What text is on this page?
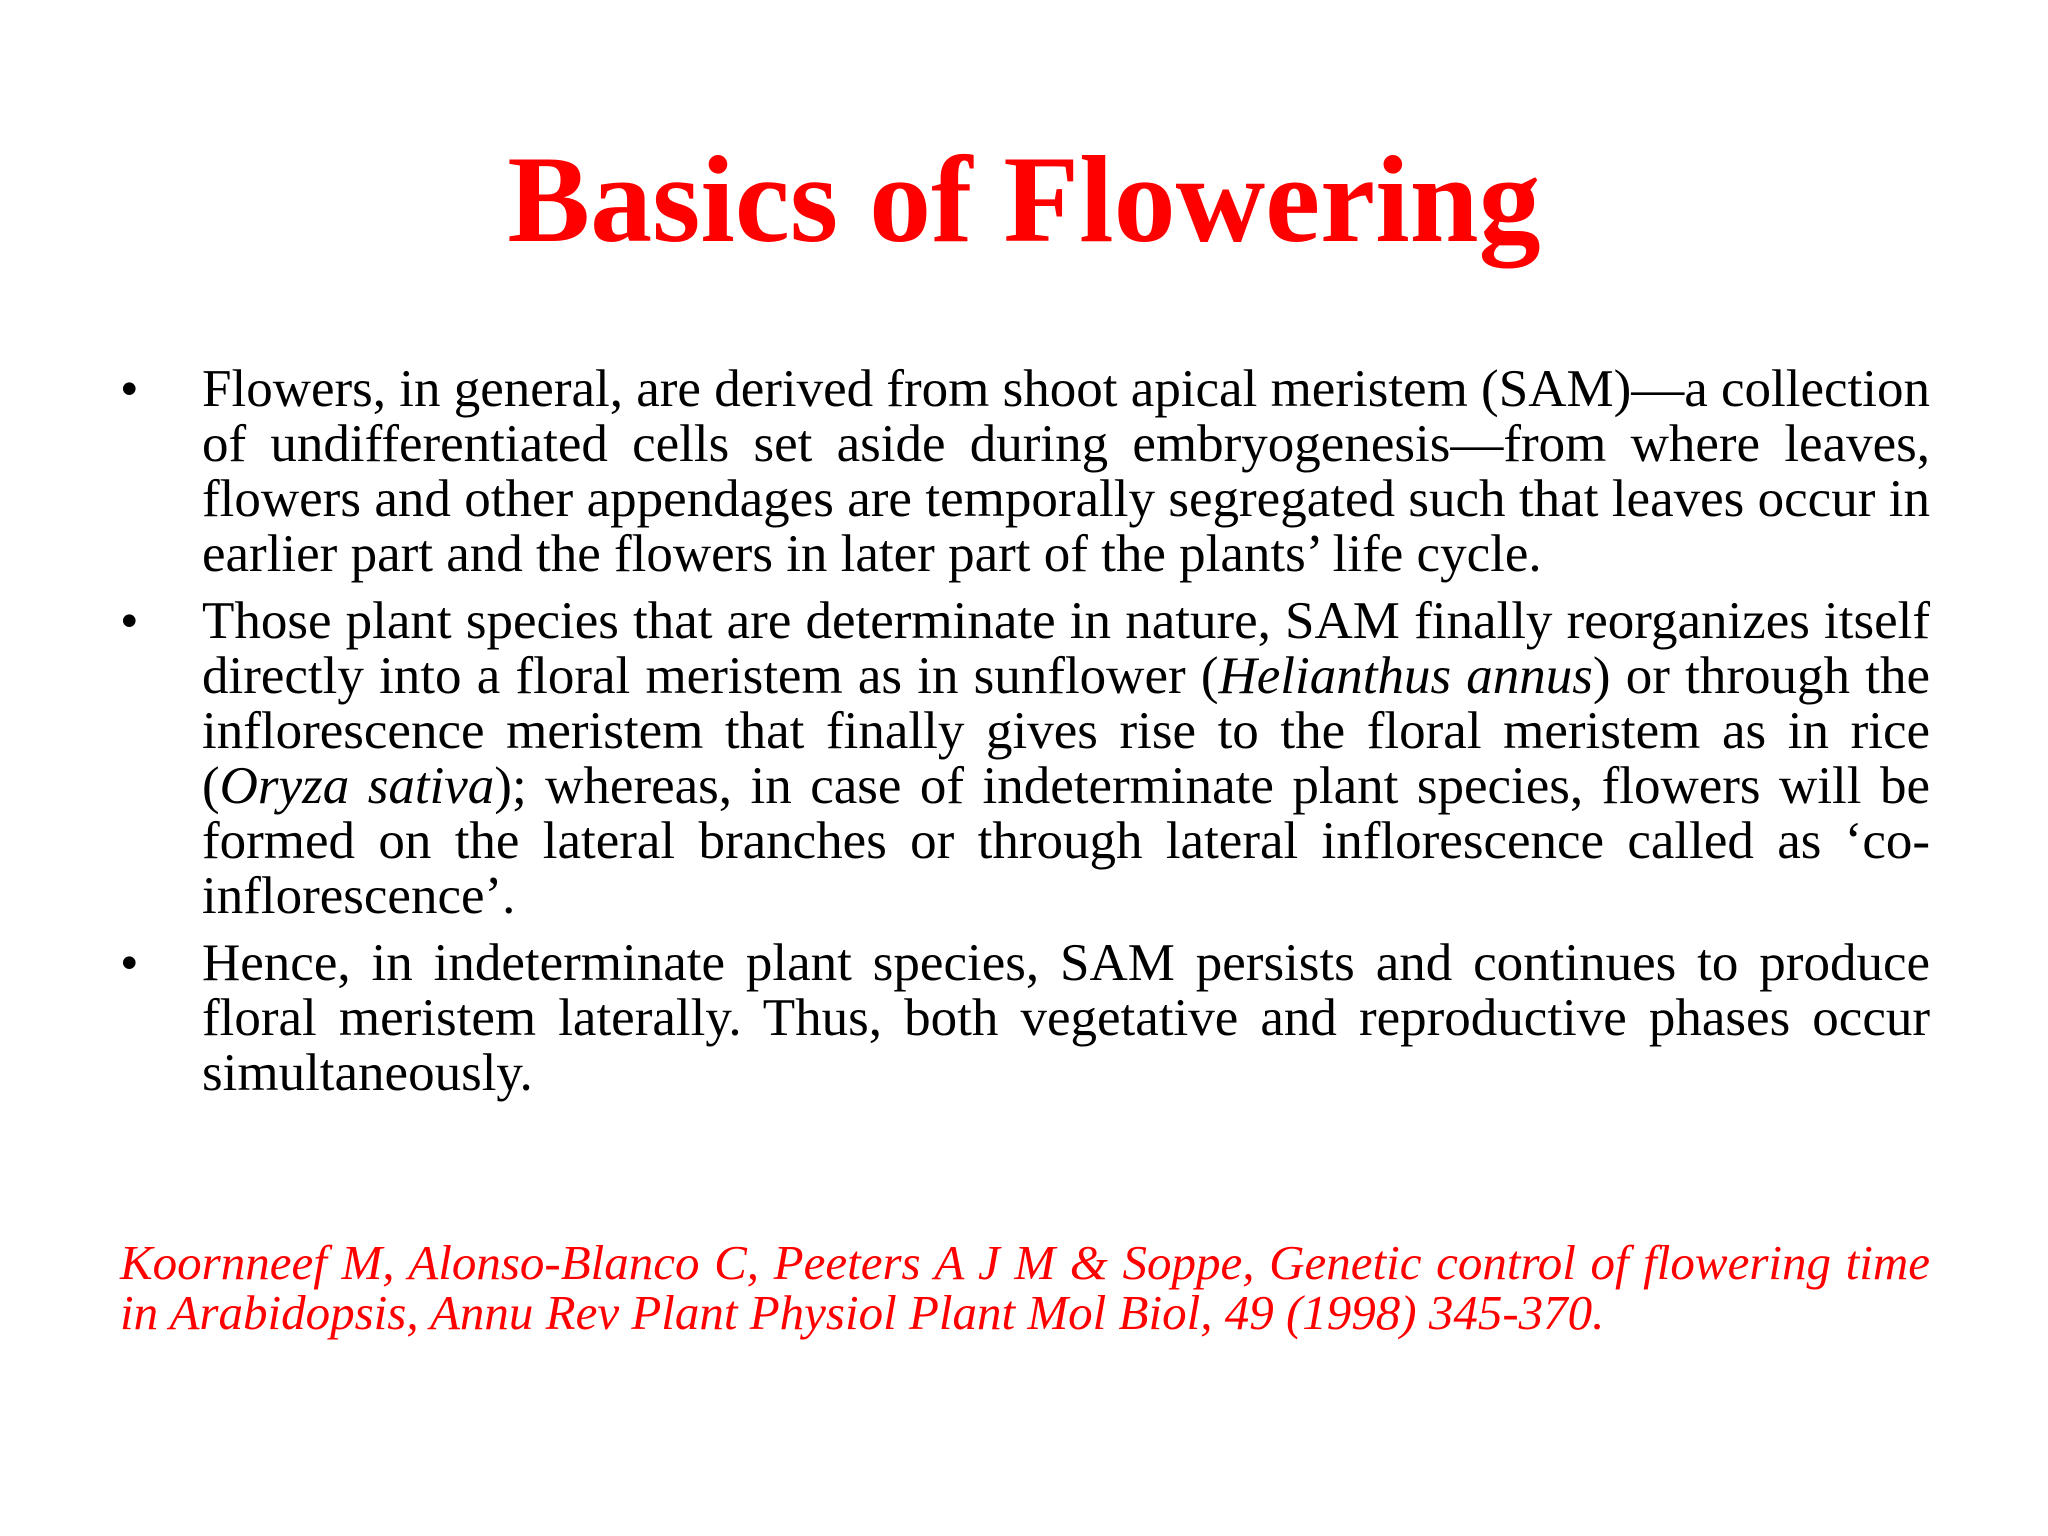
Basics of Flowering
•	Flowers, in general, are derived from shoot apical meristem (SAM)—a collection of undifferentiated cells set aside during embryogenesis—from where leaves, flowers and other appendages are temporally segregated such that leaves occur in earlier part and the flowers in later part of the plants’ life cycle.
•	Those plant species that are determinate in nature, SAM finally reorganizes itself directly into a floral meristem as in sunflower (Helianthus annus) or through the inflorescence meristem that finally gives rise to the floral meristem as in rice (Oryza sativa); whereas, in case of indeterminate plant species, flowers will be formed on the lateral branches or through lateral inflorescence called as ‘co- inflorescence’.
•	Hence, in indeterminate plant species, SAM persists and continues to produce floral meristem laterally. Thus, both vegetative and reproductive phases occur simultaneously.

Koornneef M, Alonso-Blanco C, Peeters A J M & Soppe, Genetic control of flowering time in Arabidopsis, Annu Rev Plant Physiol Plant Mol Biol, 49 (1998) 345-370.
